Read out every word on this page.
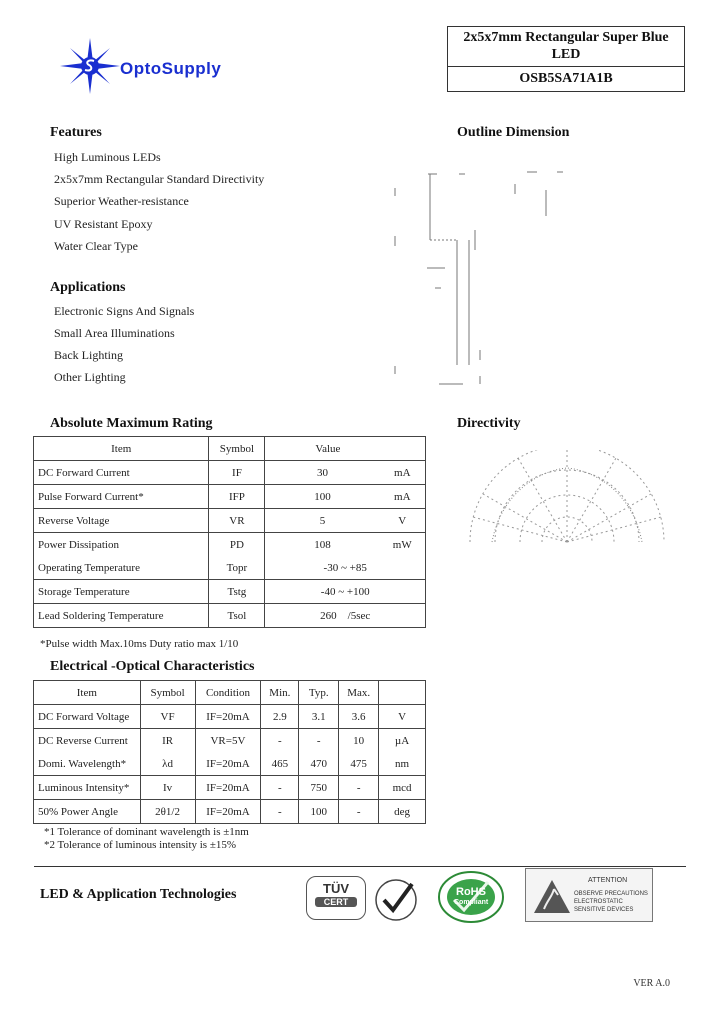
OptoSupply
2x5x7mm Rectangular Super Blue
LED
OSB5SA71A1B
Features
High Luminous LEDs
2x5x7mm Rectangular Standard Directivity
Superior Weather-resistance
UV Resistant Epoxy
Water Clear Type
Applications
Electronic Signs And Signals
Small Area Illuminations
Back Lighting
Other Lighting
Outline Dimension
Directivity
Absolute Maximum Rating
Item	Symbol	Value	
DC Forward Current	IF	30	mA
Pulse Forward Current*	IFP	100	mA
Reverse Voltage	VR	5	V
Power Dissipation	PD	108	mW
Operating Temperature	Topr	-30 ~ +85	
Storage Temperature	Tstg	-40 ~ +100	
Lead Soldering Temperature	Tsol	260    /5sec	
*Pulse width Max.10ms Duty ratio max 1/10
Electrical -Optical Characteristics
Item	Symbol	Condition	Min.	Typ.	Max.	
DC Forward Voltage	VF	IF=20mA	2.9	3.1	3.6	V
DC Reverse Current	IR	VR=5V	-	-	10	µA
Domi. Wavelength*	λd	IF=20mA	465	470	475	nm
Luminous Intensity*	Iv	IF=20mA	-	750	-	mcd
50% Power Angle	2θ1/2	IF=20mA	-	100	-	deg
*1 Tolerance of dominant wavelength is ±1nm
*2 Tolerance of luminous intensity is ±15%
LED & Application Technologies	TÜV
CERT
RoHS
Compliant
ATTENTION
OBSERVE PRECAUTIONS
ELECTROSTATIC
SENSITIVE DEVICES
VER A.0
